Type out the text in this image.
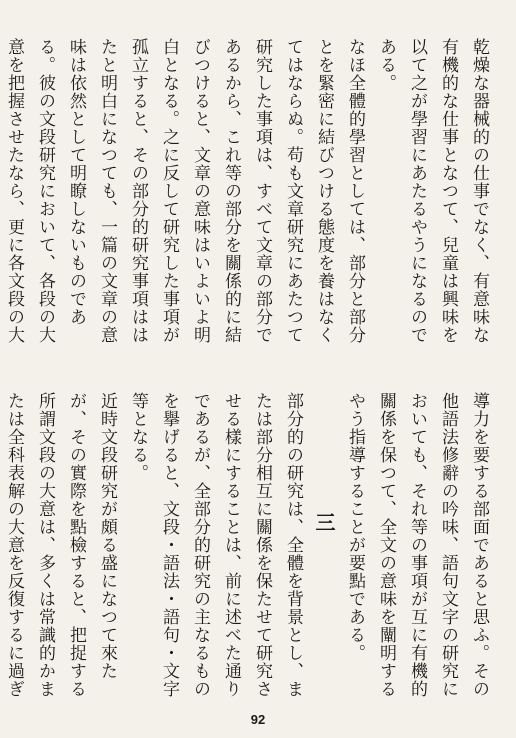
乾燥な器械的の仕事でなく、有意味な有機的な仕事となつて、兒童は興味を以て之が學習にあたるやうになるのである。

なほ全體的學習としては、部分と部分とを緊密に結びつける態度を養はなくてはならぬ。苟も文章研究にあたつて研究した事項は、すべて文章の部分であるから、これ等の部分を關係的に結びつけると、文章の意味はいよいよ明白となる。之に反して研究した事項が孤立すると、その部分的研究事項ははたと明白になつても、一篇の文章の意味は依然として明瞭しないものである。彼の文段研究において、各段の大意を把握させたなら、更に各文段の大

導力を要する部面であると思ふ。その他語法修辭の吟味、語句文字の研究においても、それ等の事項が互に有機的關係を保つて、全文の意味を闡明するやう指導することが要點である。

三

部分的の研究は、全體を背景とし、または部分相互に關係を保たせて研究させる樣にすることは、前に述べた通りであるが、全部分的研究の主なるものを擧げると、文段・語法・語句・文字等となる。

近時文段研究が頗る盛になつて來たが、その實際を點檢すると、把捉する所謂文段の大意は、多くは常識的かまたは全科表解の大意を反復するに過ぎ

92
